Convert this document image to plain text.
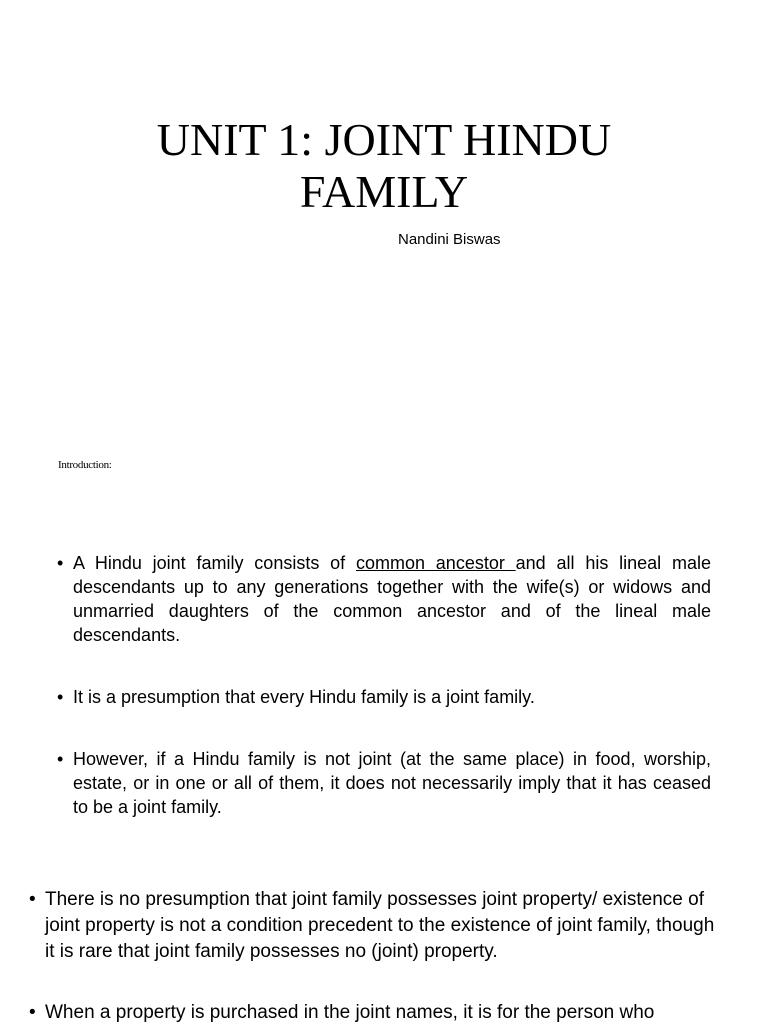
UNIT 1: JOINT HINDU FAMILY
Nandini Biswas
Introduction:
• A Hindu joint family consists of common ancestor and all his lineal male descendants up to any generations together with the wife(s) or widows and unmarried daughters of the common ancestor and of the lineal male descendants.
• It is a presumption that every Hindu family is a joint family.
• However, if a Hindu family is not joint (at the same place) in food, worship, estate, or in one or all of them, it does not necessarily imply that it has ceased to be a joint family.
• There is no presumption that joint family possesses joint property/ existence of joint property is not a condition precedent to the existence of joint family, though it is rare that joint family possesses no (joint) property.
• When a property is purchased in the joint names, it is for the person who
